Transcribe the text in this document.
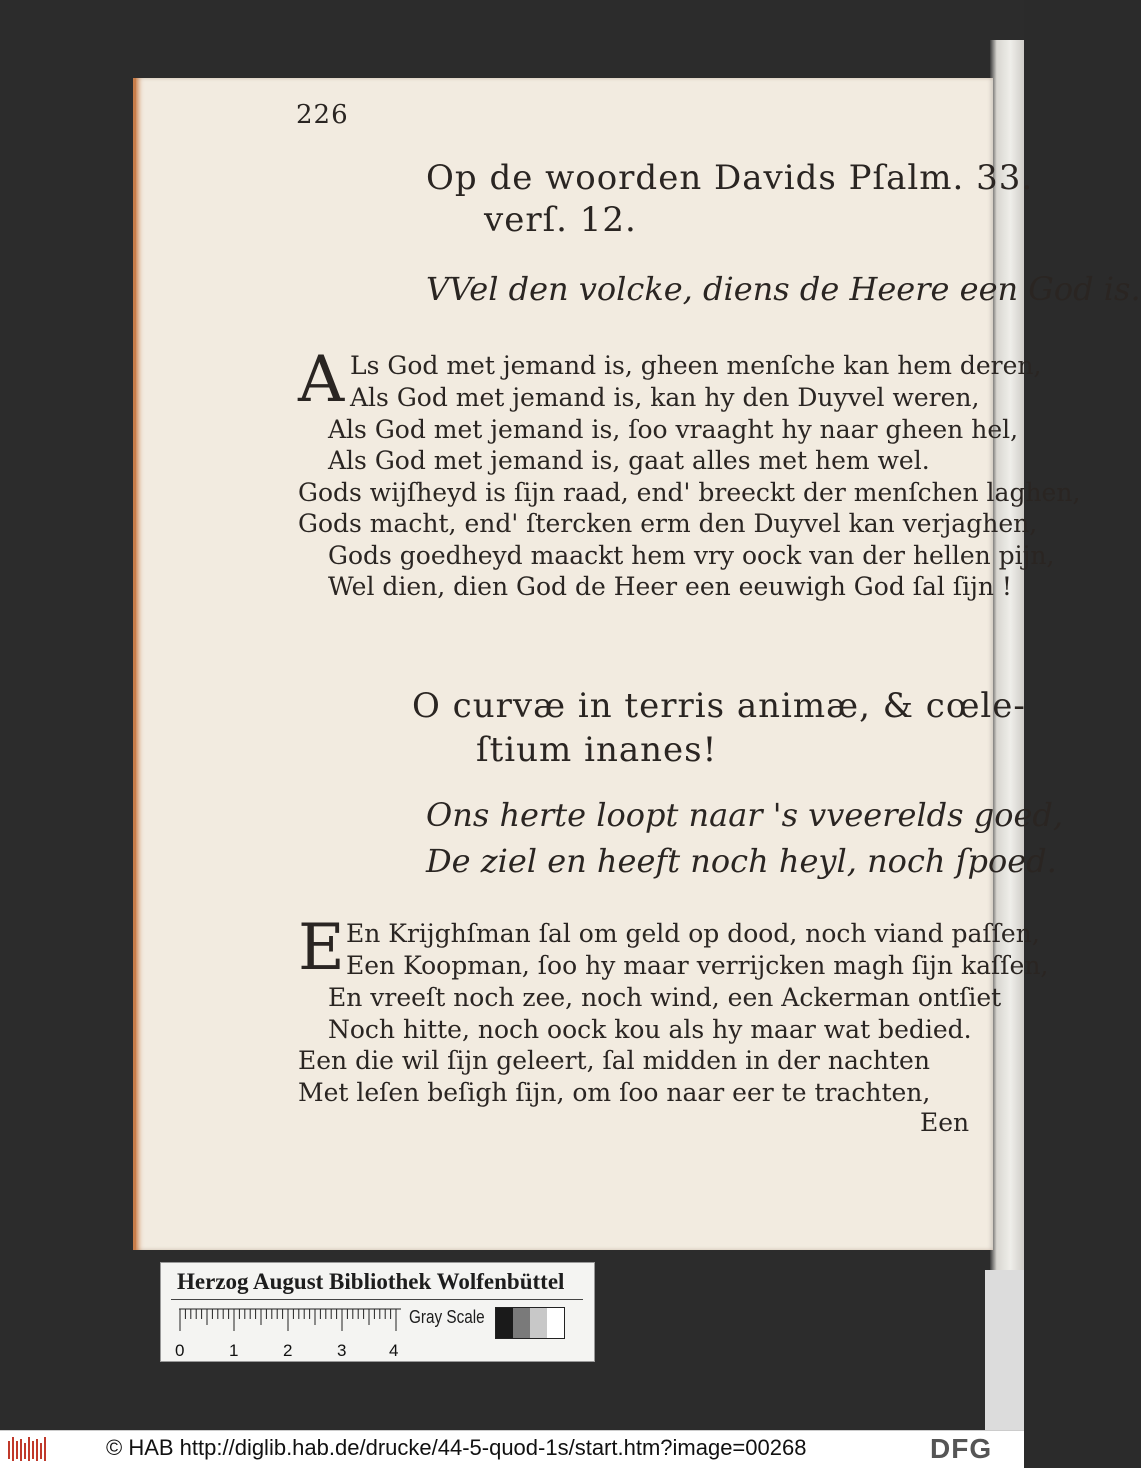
226
Op de woorden Davids Pſalm. 33.
verſ. 12.
VVel den volcke, diens de Heere een God is.
A Ls God met jemand is, gheen menſche kan hem deren,
Als God met jemand is, kan hy den Duyvel weren,
Als God met jemand is, ſoo vraaght hy naar gheen hel,
Als God met jemand is, gaat alles met hem wel.
Gods wijſheyd is ſijn raad, end' breeckt der menſchen laghen,
Gods macht, end' ſtercken erm den Duyvel kan verjaghen,
Gods goedheyd maackt hem vry oock van der hellen pijn,
Wel dien, dien God de Heer een eeuwigh God ſal ſijn !
O curvæ in terris animæ, & cœle-
ſtium inanes!
Ons herte loopt naar 's vveerelds goed,
De ziel en heeft noch heyl, noch ſpoed.
E En Krijghſman ſal om geld op dood, noch viand paſſen,
Een Koopman, ſoo hy maar verrijcken magh ſijn kaſſen,
En vreeſt noch zee, noch wind, een Ackerman ontſiet
Noch hitte, noch oock kou als hy maar wat bedied.
Een die wil ſijn geleert, ſal midden in der nachten
Met leſen beſigh ſijn, om ſoo naar eer te trachten,
Een
Herzog August Bibliothek Wolfenbüttel
0	1	2	3	4
Gray Scale
© HAB http://diglib.hab.de/drucke/44-5-quod-1s/start.htm?image=00268	DFG
